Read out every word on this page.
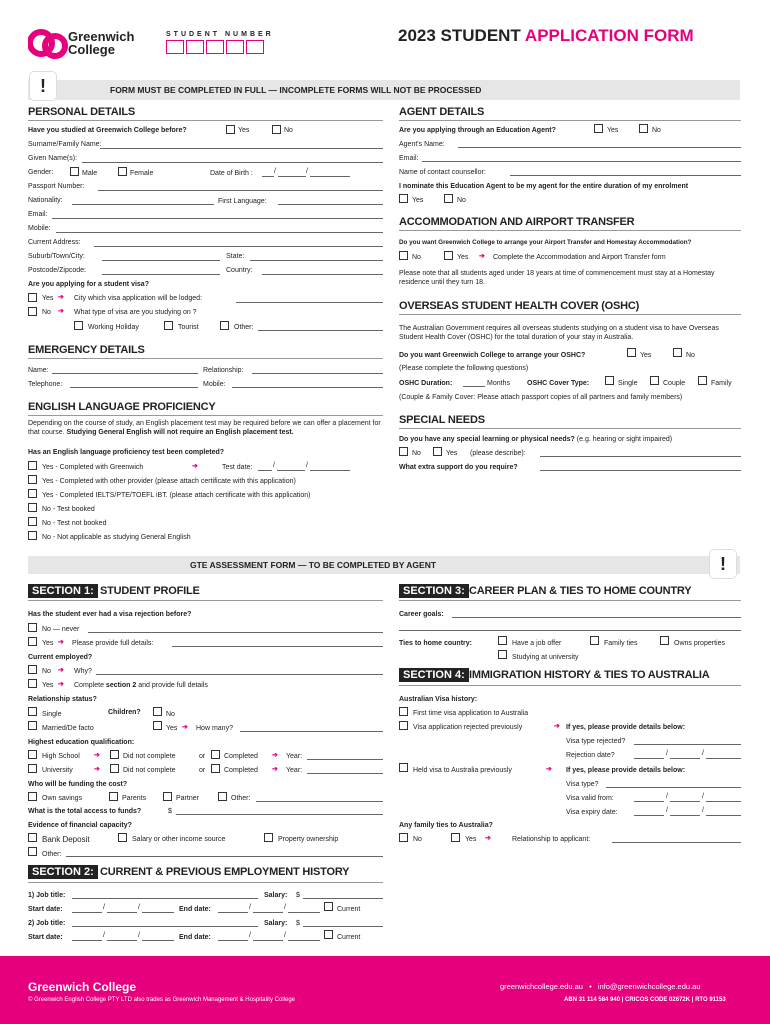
Greenwich
College
STUDENT NUMBER	2023 STUDENT APPLICATION FORM
!	FORM MUST BE COMPLETED IN FULL — INCOMPLETE FORMS WILL NOT BE PROCESSED
PERSONAL DETAILS
Have you studied at Greenwich College before?	Yes	No
Surname/Family Name:
Given Name(s):
Gender:	Male	Female	Date of Birth :	/	/
Passport Number:
Nationality:	First Language:
Email:
Mobile:
Current Address:
Suburb/Town/City:	State:
Postcode/Zipcode:	Country:
Are you applying for a student visa?
Yes ➔ City which visa application will be lodged:
No ➔ What type of visa are you studying on ?
Working Holiday	Tourist	Other:
EMERGENCY DETAILS
Name:	Relationship:
Telephone:	Mobile:
ENGLISH LANGUAGE PROFICIENCY
Depending on the course of study, an English placement test may be required before we can offer a placement for that course. Studying General English will not require an English placement test.
Has an English language proficiency test been completed?
Yes - Completed with Greenwich	➔	Test date:	/	/
Yes - Completed with other provider (please attach certificate with this application)
Yes - Completed IELTS/PTE/TOEFL iBT. (please attach certificate with this application)
No - Test booked
No - Test not booked
No - Not applicable as studying General English
AGENT DETAILS
Are you applying through an Education Agent?	Yes	No
Agent's Name:
Email:
Name of contact counsellor:
I nominate this Education Agent to be my agent for the entire duration of my enrolment
Yes	No
ACCOMMODATION AND AIRPORT TRANSFER
Do you want Greenwich College to arrange your Airport Transfer and Homestay Accommodation?
No	Yes ➔ Complete the Accommodation and Airport Transfer form
Please note that all students aged under 18 years at time of commencement must stay at a Homestay residence until they turn 18.
OVERSEAS STUDENT HEALTH COVER (OSHC)
The Australian Government requires all overseas students studying on a student visa to have Overseas Student Health Cover (OSHC) for the total duration of your stay in Australia.
Do you want Greenwich College to arrange your OSHC?	Yes	No
(Please complete the following questions)
OSHC Duration:	Months OSHC Cover Type:	Single	Couple	Family
(Couple & Family Cover: Please attach passport copies of all partners and family members)
SPECIAL NEEDS
Do you have any special learning or physical needs? (e.g. hearing or sight impaired)
No	Yes (please describe):
What extra support do you require?
GTE ASSESSMENT FORM — TO BE COMPLETED BY AGENT	!
SECTION 1: STUDENT PROFILE
Has the student ever had a visa rejection before?
No — never
Yes ➔ Please provide full details:
Current employed?
No ➔ Why?
Yes ➔ Complete section 2 and provide full details
Relationship status?
Single	Children?	No
Married/De facto	Yes ➔ How many?
Highest education qualification:
High School ➔	Did not complete	or	Completed ➔ Year:
University	➔	Did not complete	or	Completed ➔ Year:
Who will be funding the cost?
Own savings	Parents	Partner	Other:
What is the total access to funds?	$
Evidence of financial capacity?
Bank Deposit	Salary or other income source	Property ownership
Other:
SECTION 2: CURRENT & PREVIOUS EMPLOYMENT HISTORY
1) Job title:	Salary: $
Start date:	/	/	End date:	/	/	Current
2) Job title:	Salary: $
Start date:	/	/	End date:	/	/	Current
SECTION 3: CAREER PLAN & TIES TO HOME COUNTRY
Career goals:
Ties to home country:	Have a job offer	Family ties	Owns properties
Studying at university
SECTION 4: IMMIGRATION HISTORY & TIES TO AUSTRALIA
Australian Visa history:
First time visa application to Australia
Visa application rejected previously	➔ If yes, please provide details below:
Visa type rejected?
Rejection date?	/	/
Held visa to Australia previously	➔ If yes, please provide details below:
Visa type?
Visa valid from:	/	/
Visa expiry date:	/	/
Any family ties to Australia?
No	Yes ➔	Relationship to applicant:
Greenwich College
© Greenwich English College PTY LTD also trades as Greenwich Management & Hospitality College
greenwichcollege.edu.au • info@greenwichcollege.edu.au
ABN 31 114 584 940 | CRICOS CODE 02672K | RTO 91153
